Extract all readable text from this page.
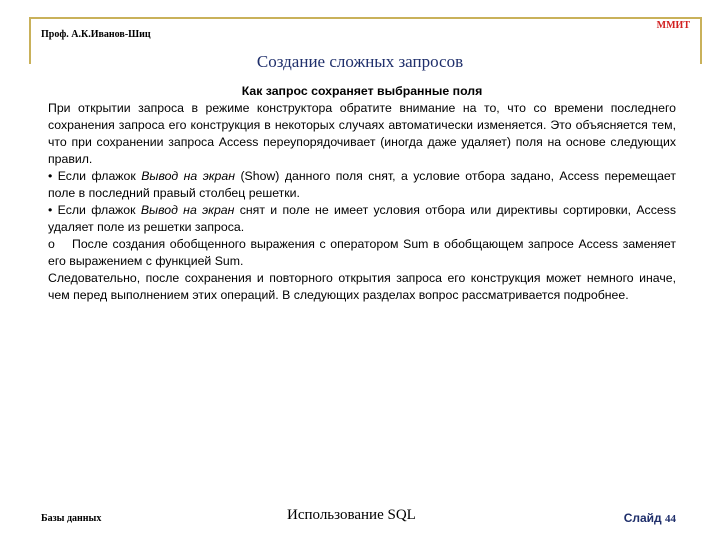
Проф. А.К.Иванов-Шиц
ММИТ
Создание сложных запросов
Как запрос сохраняет выбранные поля
При открытии запроса в режиме конструктора обратите внимание на то, что со времени последнего сохранения запроса его конструкция в некоторых случаях автоматически изменяется. Это объясняется тем, что при сохранении запроса Access переупорядочивает (иногда даже удаляет) поля на основе следующих правил.
• Если флажок Вывод на экран (Show) данного поля снят, а условие отбора задано, Access перемещает поле в последний правый столбец решетки.
• Если флажок Вывод на экран снят и поле не имеет условия отбора или директивы сортировки, Access удаляет поле из решетки запроса.
o После создания обобщенного выражения с оператором Sum в обобщающем запросе Access заменяет его выражением с функцией Sum.
Следовательно, после сохранения и повторного открытия запроса его конструкция может немного иначе, чем перед выполнением этих операций. В следующих разделах вопрос рассматривается подробнее.
Базы данных	Использование SQL	Слайд 44
